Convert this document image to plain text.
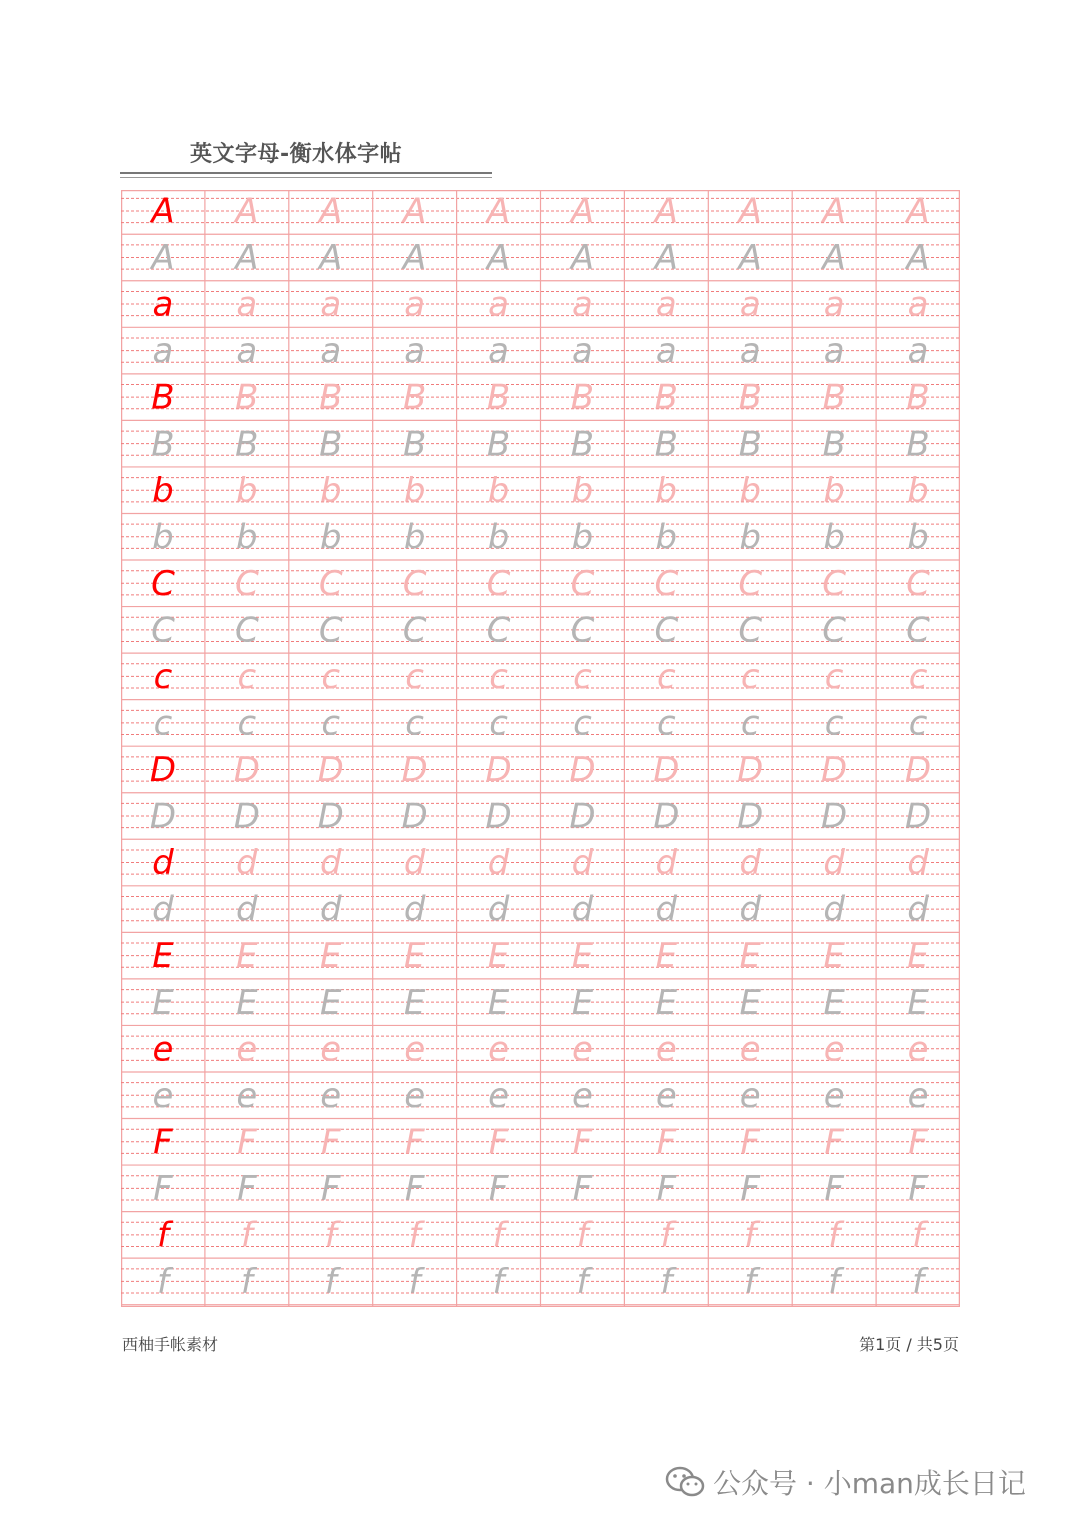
英文字母-衡水体字帖
A A A A A A A A A A
A A A A A A A A A A
a a a a a a a a a a
a a a a a a a a a a
B B B B B B B B B B
B B B B B B B B B B
b b b b b b b b b b
b b b b b b b b b b
C C C C C C C C C C
C C C C C C C C C C
c c c c c c c c c c
c c c c c c c c c c
D D D D D D D D D D
D D D D D D D D D D
d d d d d d d d d d
d d d d d d d d d d
E E E E E E E E E E
E E E E E E E E E E
e e e e e e e e e e
e e e e e e e e e e
F F F F F F F F F F
F F F F F F F F F F
f f f f f f f f f f
f f f f f f f f f f
西柚手帐素材	第1页 / 共5页
公众号 · 小man成长日记
